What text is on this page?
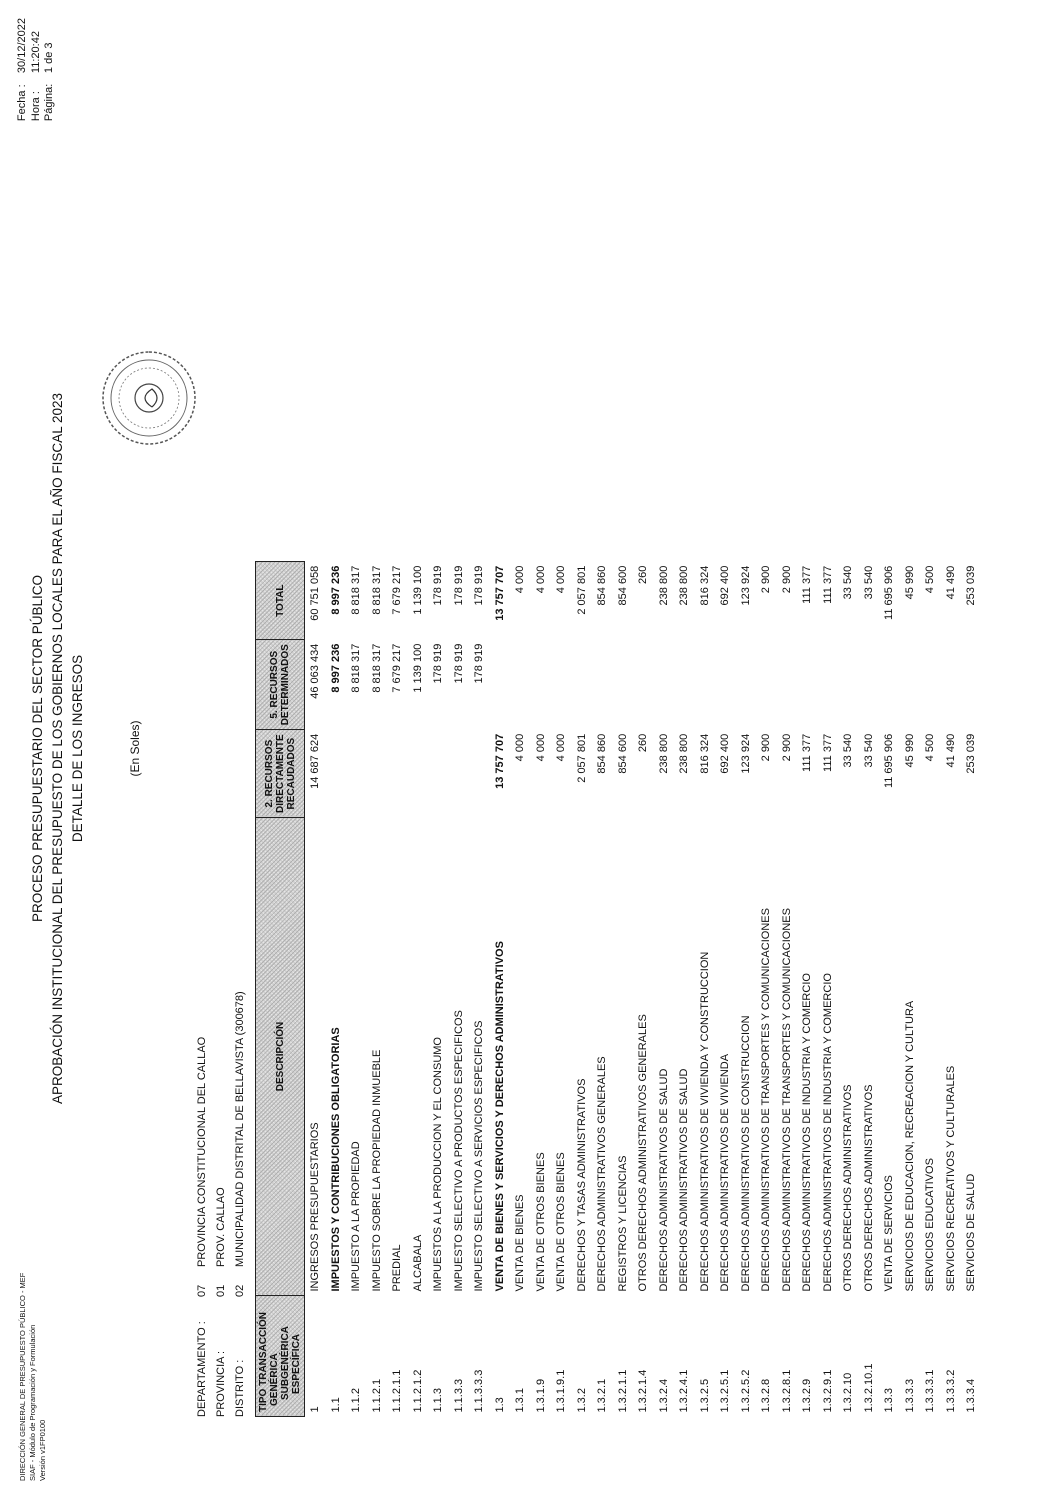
DIRECCIÓN GENERAL DE PRESUPUESTO PÚBLICO - MEF SIAF - Módulo de Programación y Formulación Versión v1FP0100
Fecha :
30/12/2022
Hora :
11:20:42
Página:
1 de 3
PROCESO PRESUPUESTARIO DEL SECTOR PÚBLICO APROBACIÓN INSTITUCIONAL DEL PRESUPUESTO DE LOS GOBIERNOS LOCALES PARA EL AÑO FISCAL 2023 DETALLE DE LOS INGRESOS	(En Soles)
DEPARTAMENTO :07PROVINCIA CONSTITUCIONAL DEL CALLAO
PROVINCIA :01PROV. CALLAO
DISTRITO :02MUNICIPALIDAD DISTRITAL DE BELLAVISTA (300678)
TIPO TRANSACCIÓN GENÉRICA SUBGENÉRICA ESPECÍFICA	DESCRIPCIÓN	2. RECURSOS DIRECTAMENTE RECAUDADOS	5. RECURSOS DETERMINADOS	TOTAL
1	INGRESOS PRESUPUESTARIOS	14 687 624	46 063 434	60 751 058
1.1	IMPUESTOS Y CONTRIBUCIONES OBLIGATORIAS		8 997 236	8 997 236
1.1.2	IMPUESTO A LA PROPIEDAD		8 818 317	8 818 317
1.1.2.1	IMPUESTO SOBRE LA PROPIEDAD INMUEBLE		8 818 317	8 818 317
1.1.2.1.1	PREDIAL		7 679 217	7 679 217
1.1.2.1.2	ALCABALA		1 139 100	1 139 100
1.1.3	IMPUESTOS A LA PRODUCCION Y EL CONSUMO		178 919	178 919
1.1.3.3	IMPUESTO SELECTIVO A PRODUCTOS ESPECIFICOS		178 919	178 919
1.1.3.3.3	IMPUESTO SELECTIVO A SERVICIOS ESPECIFICOS		178 919	178 919
1.3	VENTA DE BIENES Y SERVICIOS Y DERECHOS ADMINISTRATIVOS	13 757 707		13 757 707
1.3.1	VENTA DE BIENES	4 000		4 000
1.3.1.9	VENTA DE OTROS BIENES	4 000		4 000
1.3.1.9.1	VENTA DE OTROS BIENES	4 000		4 000
1.3.2	DERECHOS Y TASAS ADMINISTRATIVOS	2 057 801		2 057 801
1.3.2.1	DERECHOS ADMINISTRATIVOS GENERALES	854 860		854 860
1.3.2.1.1	REGISTROS Y LICENCIAS	854 600		854 600
1.3.2.1.4	OTROS DERECHOS ADMINISTRATIVOS GENERALES	260		260
1.3.2.4	DERECHOS ADMINISTRATIVOS DE SALUD	238 800		238 800
1.3.2.4.1	DERECHOS ADMINISTRATIVOS DE SALUD	238 800		238 800
1.3.2.5	DERECHOS ADMINISTRATIVOS DE VIVIENDA Y CONSTRUCCION	816 324		816 324
1.3.2.5.1	DERECHOS ADMINISTRATIVOS DE VIVIENDA	692 400		692 400
1.3.2.5.2	DERECHOS ADMINISTRATIVOS DE CONSTRUCCION	123 924		123 924
1.3.2.8	DERECHOS ADMINISTRATIVOS DE TRANSPORTES Y COMUNICACIONES	2 900		2 900
1.3.2.8.1	DERECHOS ADMINISTRATIVOS DE TRANSPORTES Y COMUNICACIONES	2 900		2 900
1.3.2.9	DERECHOS ADMINISTRATIVOS DE INDUSTRIA Y COMERCIO	111 377		111 377
1.3.2.9.1	DERECHOS ADMINISTRATIVOS DE INDUSTRIA Y COMERCIO	111 377		111 377
1.3.2.10	OTROS DERECHOS ADMINISTRATIVOS	33 540		33 540
1.3.2.10.1	OTROS DERECHOS ADMINISTRATIVOS	33 540		33 540
1.3.3	VENTA DE SERVICIOS	11 695 906		11 695 906
1.3.3.3	SERVICIOS DE EDUCACION, RECREACION Y CULTURA	45 990		45 990
1.3.3.3.1	SERVICIOS EDUCATIVOS	4 500		4 500
1.3.3.3.2	SERVICIOS RECREATIVOS Y CULTURALES	41 490		41 490
1.3.3.4	SERVICIOS DE SALUD	253 039		253 039
